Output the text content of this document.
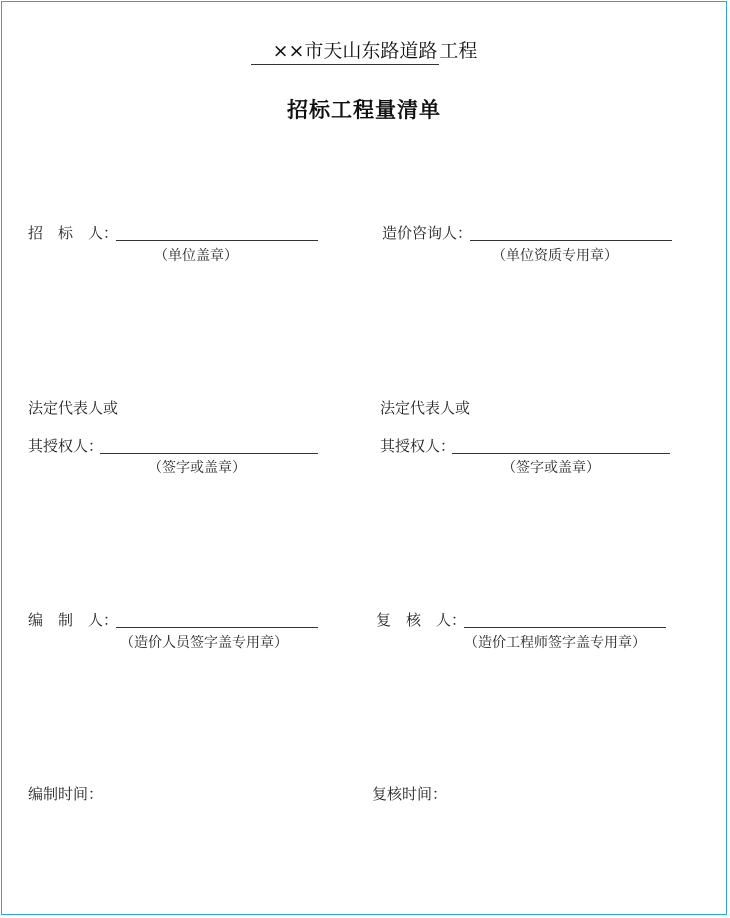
××市天山东路道路 工程
招标工程量清单
招　标　人：
（单位盖章）
造价咨询人：
（单位资质专用章）
法定代表人或
其授权人：
（签字或盖章）
法定代表人或
其授权人：
（签字或盖章）
编　制　人：
（造价人员签字盖专用章）
复　核　人：
（造价工程师签字盖专用章）
编制时间：	复核时间：
